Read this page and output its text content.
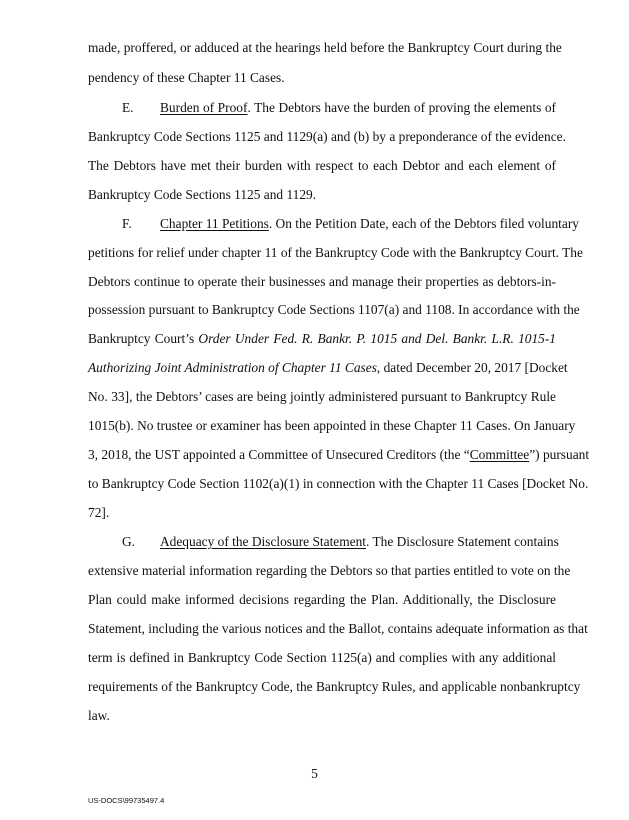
made, proffered, or adduced at the hearings held before the Bankruptcy Court during the
pendency of these Chapter 11 Cases.
E. Burden of Proof. The Debtors have the burden of proving the elements of
Bankruptcy Code Sections 1125 and 1129(a) and (b) by a preponderance of the evidence.
The Debtors have met their burden with respect to each Debtor and each element of
Bankruptcy Code Sections 1125 and 1129.
F. Chapter 11 Petitions. On the Petition Date, each of the Debtors filed voluntary
petitions for relief under chapter 11 of the Bankruptcy Code with the Bankruptcy Court. The
Debtors continue to operate their businesses and manage their properties as debtors-in-
possession pursuant to Bankruptcy Code Sections 1107(a) and 1108. In accordance with the
Bankruptcy Court’s Order Under Fed. R. Bankr. P. 1015 and Del. Bankr. L.R. 1015-1
Authorizing Joint Administration of Chapter 11 Cases, dated December 20, 2017 [Docket
No. 33], the Debtors’ cases are being jointly administered pursuant to Bankruptcy Rule
1015(b). No trustee or examiner has been appointed in these Chapter 11 Cases. On January
3, 2018, the UST appointed a Committee of Unsecured Creditors (the “Committee”) pursuant
to Bankruptcy Code Section 1102(a)(1) in connection with the Chapter 11 Cases [Docket No.
72].
G. Adequacy of the Disclosure Statement. The Disclosure Statement contains
extensive material information regarding the Debtors so that parties entitled to vote on the
Plan could make informed decisions regarding the Plan. Additionally, the Disclosure
Statement, including the various notices and the Ballot, contains adequate information as that
term is defined in Bankruptcy Code Section 1125(a) and complies with any additional
requirements of the Bankruptcy Code, the Bankruptcy Rules, and applicable nonbankruptcy
law.
5
US-DOCS\99735497.4
